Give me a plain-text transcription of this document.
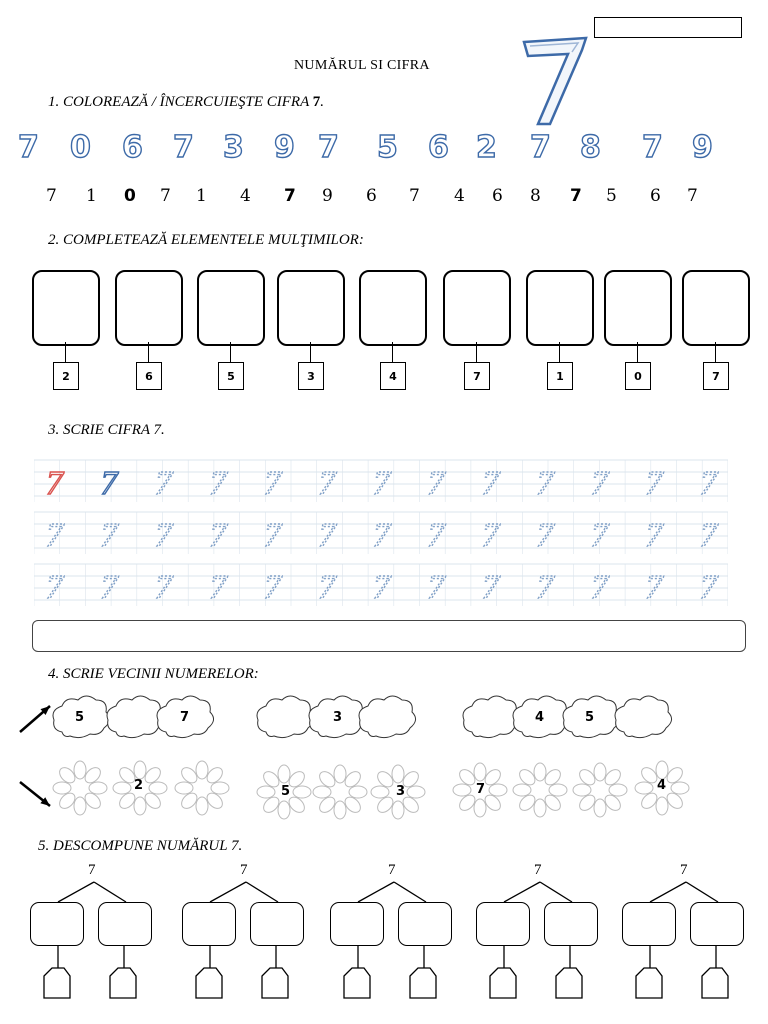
NUMĂRUL SI CIFRA
1. COLOREAZĂ / ÎNCERCUIEŞTE CIFRA 7.
7 0 6 7 3 9 7 5 6 2 7 8 7 9
7 1 0 7 1 4 7 9 6 7 4 6 8 7 5 6 7
2. COMPLETEAZĂ ELEMENTELE MULŢIMILOR:
2	6	5	3	4	7	1	0	7
3. SCRIE CIFRA 7.
7 7 7 7 7 7 7 7 7 7 7 7 7
7 7 7 7 7 7 7 7 7 7 7 7 7
7 7 7 7 7 7 7 7 7 7 7 7 7
4. SCRIE VECINII NUMERELOR:
5	7	3	4	5
2	5	3	7	4
5. DESCOMPUNE NUMĂRUL 7.
7	7	7	7	7
